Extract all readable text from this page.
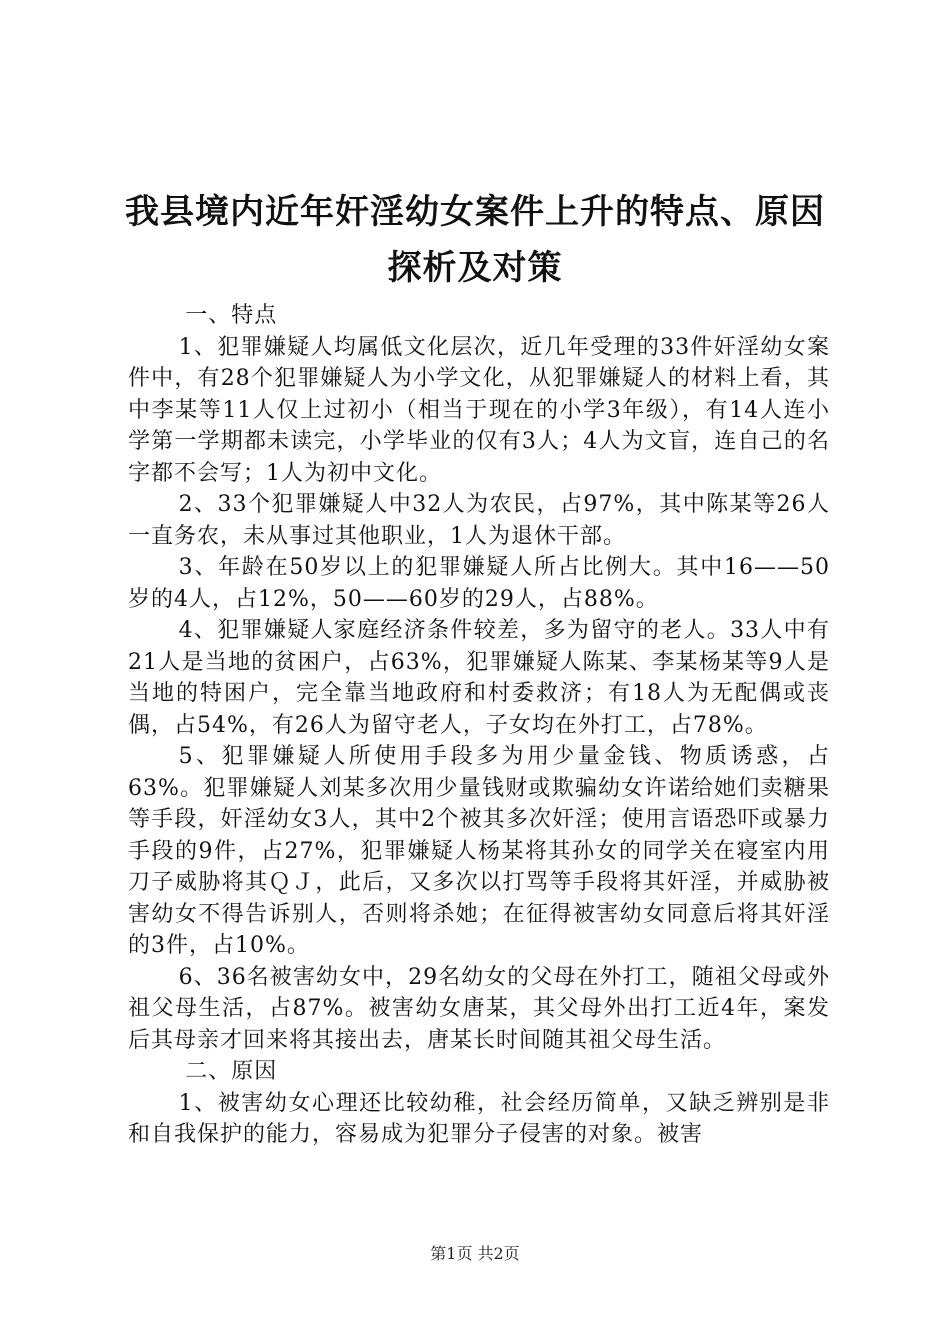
我县境内近年奸淫幼女案件上升的特点、原因
探析及对策

一、特点

1、犯罪嫌疑人均属低文化层次，近几年受理的33件奸淫幼女案件中，有28个犯罪嫌疑人为小学文化，从犯罪嫌疑人的材料上看，其中李某等11人仅上过初小（相当于现在的小学3年级），有14人连小学第一学期都未读完，小学毕业的仅有3人；4人为文盲，连自己的名字都不会写；1人为初中文化。

2、33个犯罪嫌疑人中32人为农民，占97%，其中陈某等26人一直务农，未从事过其他职业，1人为退休干部。

3、年龄在50岁以上的犯罪嫌疑人所占比例大。其中16——50岁的4人，占12%，50——60岁的29人，占88%。

4、犯罪嫌疑人家庭经济条件较差，多为留守的老人。33人中有21人是当地的贫困户，占63%，犯罪嫌疑人陈某、李某杨某等9人是当地的特困户，完全靠当地政府和村委救济；有18人为无配偶或丧偶，占54%，有26人为留守老人，子女均在外打工，占78%。

5、犯罪嫌疑人所使用手段多为用少量金钱、物质诱惑，占63%。犯罪嫌疑人刘某多次用少量钱财或欺骗幼女许诺给她们卖糖果等手段，奸淫幼女3人，其中2个被其多次奸淫；使用言语恐吓或暴力手段的9件，占27%，犯罪嫌疑人杨某将其孙女的同学关在寝室内用刀子威胁将其ＱＪ，此后，又多次以打骂等手段将其奸淫，并威胁被害幼女不得告诉别人，否则将杀她；在征得被害幼女同意后将其奸淫的3件，占10%。

6、36名被害幼女中，29名幼女的父母在外打工，随祖父母或外祖父母生活，占87%。被害幼女唐某，其父母外出打工近4年，案发后其母亲才回来将其接出去，唐某长时间随其祖父母生活。

二、原因

1、被害幼女心理还比较幼稚，社会经历简单，又缺乏辨别是非和自我保护的能力，容易成为犯罪分子侵害的对象。被害

第1页 共2页
